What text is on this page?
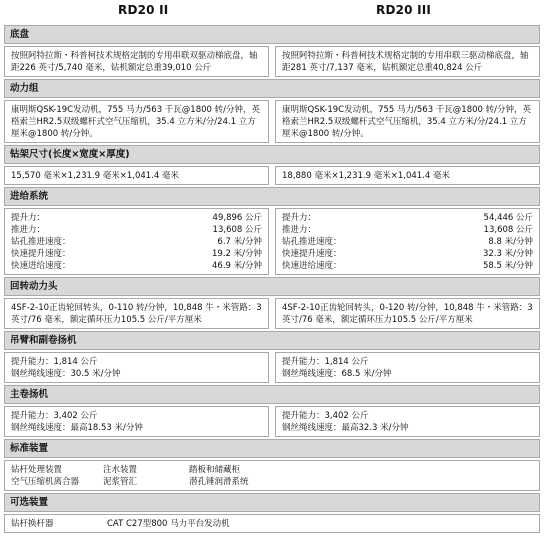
RD20 II	RD20 III
底盘
按照阿特拉斯・科普柯技术规格定制的专用串联双驱动梯底盘，轴距226 英寸/5,740 毫米，钻机额定总重39,010 公斤
按照阿特拉斯・科普柯技术规格定制的专用串联三驱动梯底盘，轴距281 英寸/7,137 毫米，钻机额定总重40,824 公斤
动力组
康明斯QSK-19C发动机，755 马力/563 千瓦@1800 转/分钟，英格索兰HR2.5双级螺杆式空气压缩机，35.4 立方米/分/24.1 立方厘米@1800 转/分钟。
康明斯QSK-19C发动机，755 马力/563 千瓦@1800 转/分钟，英格索兰HR2.5双级螺杆式空气压缩机，35.4 立方米/分/24.1 立方厘米@1800 转/分钟。
钻架尺寸(长度×宽度×厚度)
15,570 毫米×1,231.9 毫米×1,041.4 毫米	18,880 毫米×1,231.9 毫米×1,041.4 毫米
进给系统
提升力：	49,896 公斤
推进力：	13,608 公斤
钻孔推进速度：	6.7 米/分钟
快速提升速度：	19.2 米/分钟
快速进给速度：	46.9 米/分钟
提升力：	54,446 公斤
推进力：	13,608 公斤
钻孔推进速度：	8.8 米/分钟
快速提升速度：	32.3 米/分钟
快速进给速度：	58.5 米/分钟
回转动力头
4SF-2-10正齿轮回转头，0-110 转/分钟，10,848 牛・米管路：3 英寸/76 毫米，额定循环压力105.5 公斤/平方厘米
4SF-2-10正齿轮回转头，0-120 转/分钟，10,848 牛・米管路：3 英寸/76 毫米，额定循环压力105.5 公斤/平方厘米
吊臂和副卷扬机
提升能力：1,814 公斤
钢丝绳线速度：30.5 米/分钟
提升能力：1,814 公斤
钢丝绳线速度：68.5 米/分钟
主卷扬机
提升能力：3,402 公斤
钢丝绳线速度：最高18.53 米/分钟
提升能力：3,402 公斤
钢丝绳线速度：最高32.3 米/分钟
标准装置
钻杆处理装置	注水装置	踏板和储藏柜
空气压缩机离合器	泥浆管汇	潜孔锤润滑系统
可选装置
钻杆换杆器	CAT C27型800 马力平台发动机
